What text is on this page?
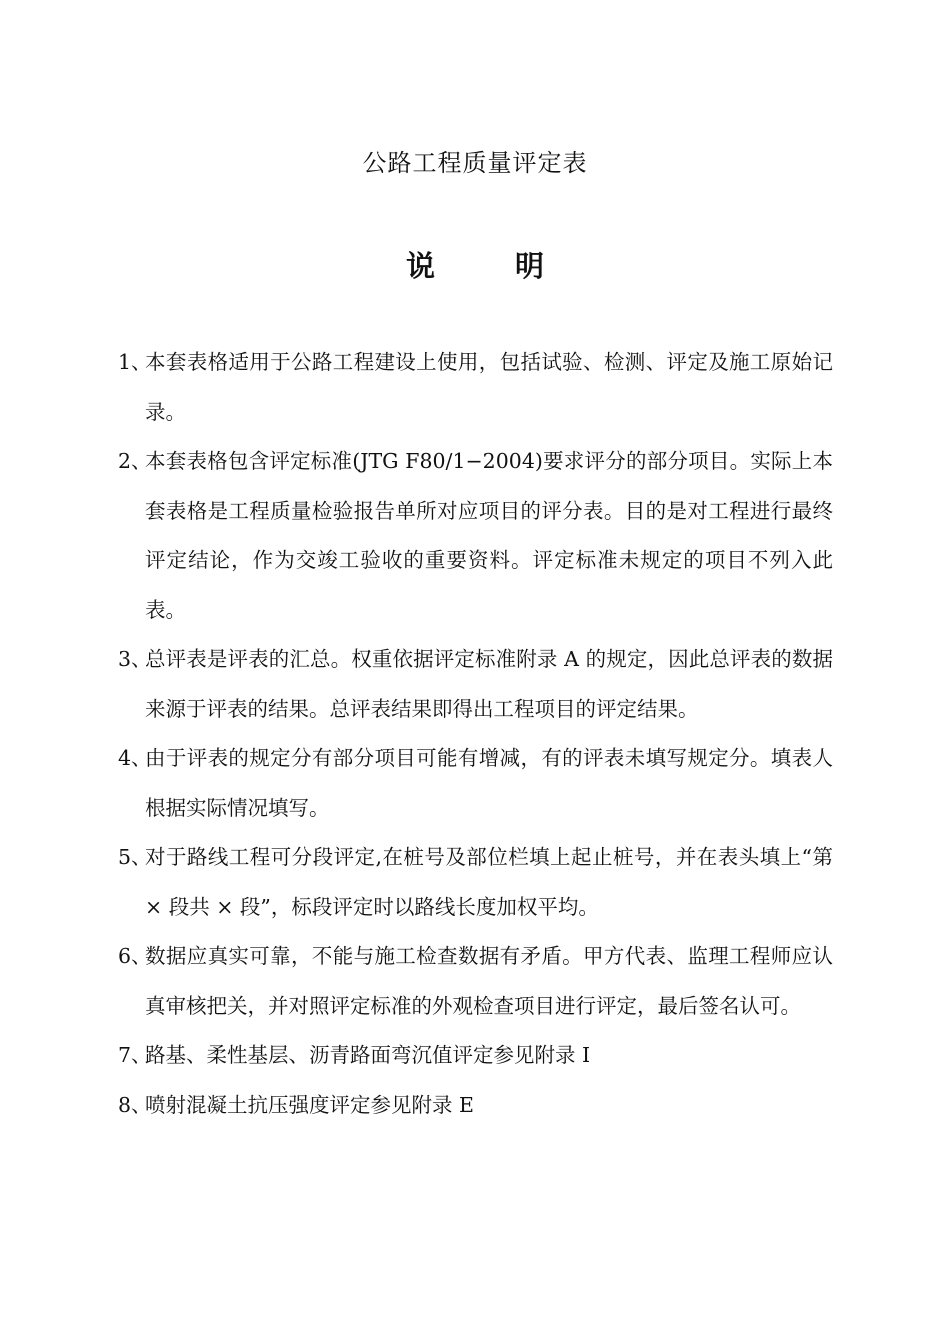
公路工程质量评定表
说	明
1、
本套表格适用于公路工程建设上使用，包括试验、检测、评定及施工原始记录。
2、
本套表格包含评定标准(JTG F80/1−2004)要求评分的部分项目。实际上本套表格是工程质量检验报告单所对应项目的评分表。目的是对工程进行最终评定结论，作为交竣工验收的重要资料。评定标准未规定的项目不列入此表。
3、
总评表是评表的汇总。权重依据评定标准附录 A 的规定，因此总评表的数据来源于评表的结果。总评表结果即得出工程项目的评定结果。
4、
由于评表的规定分有部分项目可能有增减，有的评表未填写规定分。填表人根据实际情况填写。
5、
对于路线工程可分段评定,在桩号及部位栏填上起止桩号，并在表头填上“第 × 段共 × 段”，标段评定时以路线长度加权平均。
6、
数据应真实可靠，不能与施工检查数据有矛盾。甲方代表、监理工程师应认真审核把关，并对照评定标准的外观检查项目进行评定，最后签名认可。
7、
路基、柔性基层、沥青路面弯沉值评定参见附录 I
8、
喷射混凝土抗压强度评定参见附录 E
